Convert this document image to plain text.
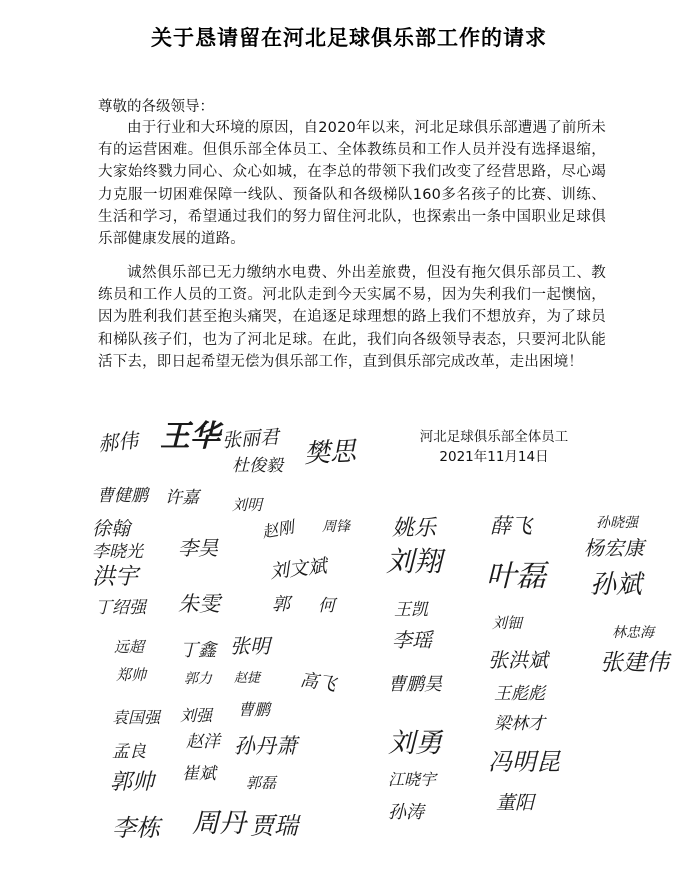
关于恳请留在河北足球俱乐部工作的请求
尊敬的各级领导：
由于行业和大环境的原因，自2020年以来，河北足球俱乐部遭遇了前所未有的运营困难。但俱乐部全体员工、全体教练员和工作人员并没有选择退缩，大家始终戮力同心、众心如城，在李总的带领下我们改变了经营思路，尽心竭力克服一切困难保障一线队、预备队和各级梯队160多名孩子的比赛、训练、生活和学习，希望通过我们的努力留住河北队，也探索出一条中国职业足球俱乐部健康发展的道路。
诚然俱乐部已无力缴纳水电费、外出差旅费，但没有拖欠俱乐部员工、教练员和工作人员的工资。河北队走到今天实属不易，因为失利我们一起懊恼，因为胜利我们甚至抱头痛哭，在追逐足球理想的路上我们不想放弃，为了球员和梯队孩子们，也为了河北足球。在此，我们向各级领导表态，只要河北队能活下去，即日起希望无偿为俱乐部工作，直到俱乐部完成改革，走出困境！
河北足球俱乐部全体员工
2021年11月14日
郝伟 王华 张丽君
杜俊毅 樊思
曹健鹏 许嘉 刘明
徐翰
李晓光
洪宇
赵刚
李昊
周锋
刘文斌
丁绍强 朱雯	郭 何
远超 丁鑫 张明
郑帅	郭力 赵捷 高飞
袁国强 刘强 曹鹏
孟良 赵洋 孙丹萧
郭帅 崔斌 郭磊
李栋 周丹 贾瑞
姚乐
刘翔
王凯
李瑶
曹鹏昊
刘勇
江晓宇
孙涛
薛飞
叶磊
刘钿
张洪斌
王彪彪
梁林才
冯明昆
董阳
孙晓强
杨宏康
孙斌
林忠海
张建伟
